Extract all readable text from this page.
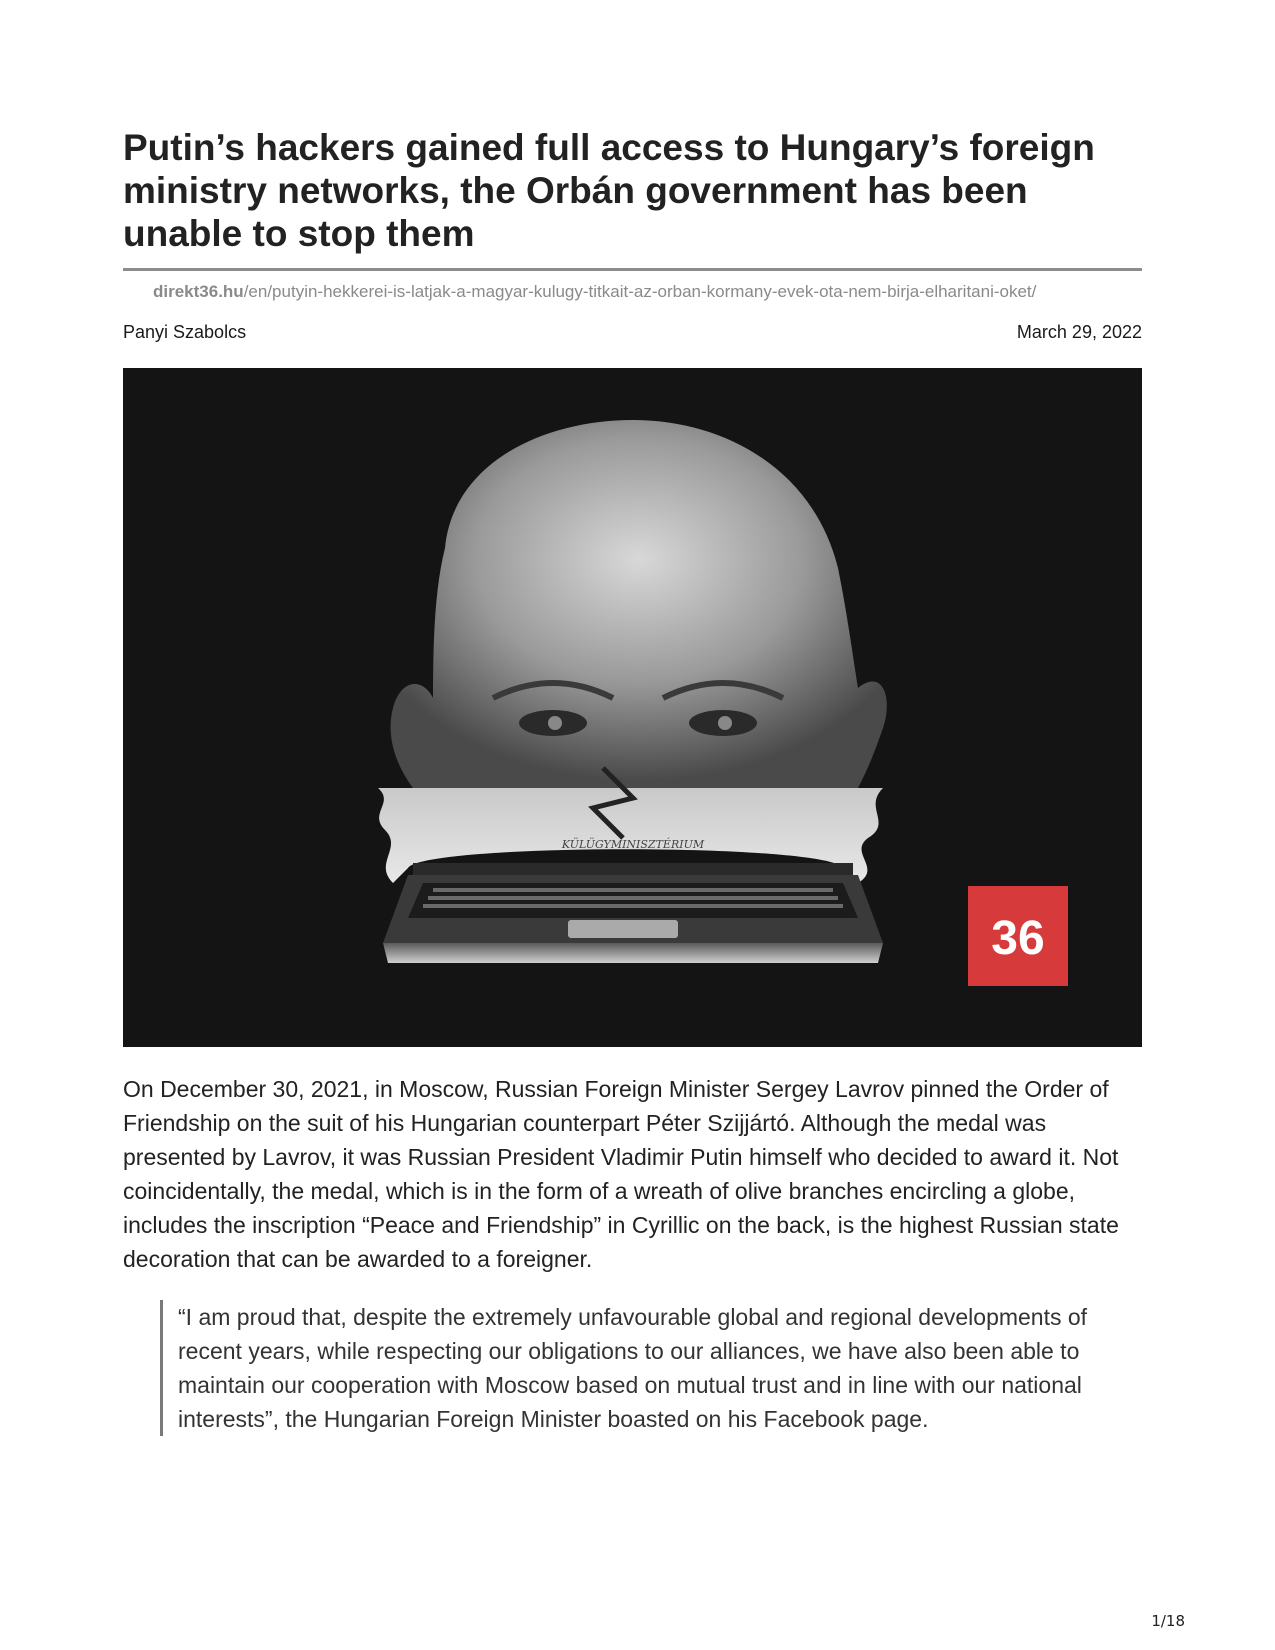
Putin’s hackers gained full access to Hungary’s foreign ministry networks, the Orbán government has been unable to stop them
direkt36.hu/en/putyin-hekkerei-is-latjak-a-magyar-kulugy-titkait-az-orban-kormany-evek-ota-nem-birja-elharitani-oket/
Panyi Szabolcs	March 29, 2022
KÜLÜGYMINISZTÉRIUM
36

On December 30, 2021, in Moscow, Russian Foreign Minister Sergey Lavrov pinned the Order of Friendship on the suit of his Hungarian counterpart Péter Szijjártó. Although the medal was presented by Lavrov, it was Russian President Vladimir Putin himself who decided to award it. Not coincidentally, the medal, which is in the form of a wreath of olive branches encircling a globe, includes the inscription “Peace and Friendship” in Cyrillic on the back, is the highest Russian state decoration that can be awarded to a foreigner.

“I am proud that, despite the extremely unfavourable global and regional developments of recent years, while respecting our obligations to our alliances, we have also been able to maintain our cooperation with Moscow based on mutual trust and in line with our national interests”, the Hungarian Foreign Minister boasted on his Facebook page.
1/18
